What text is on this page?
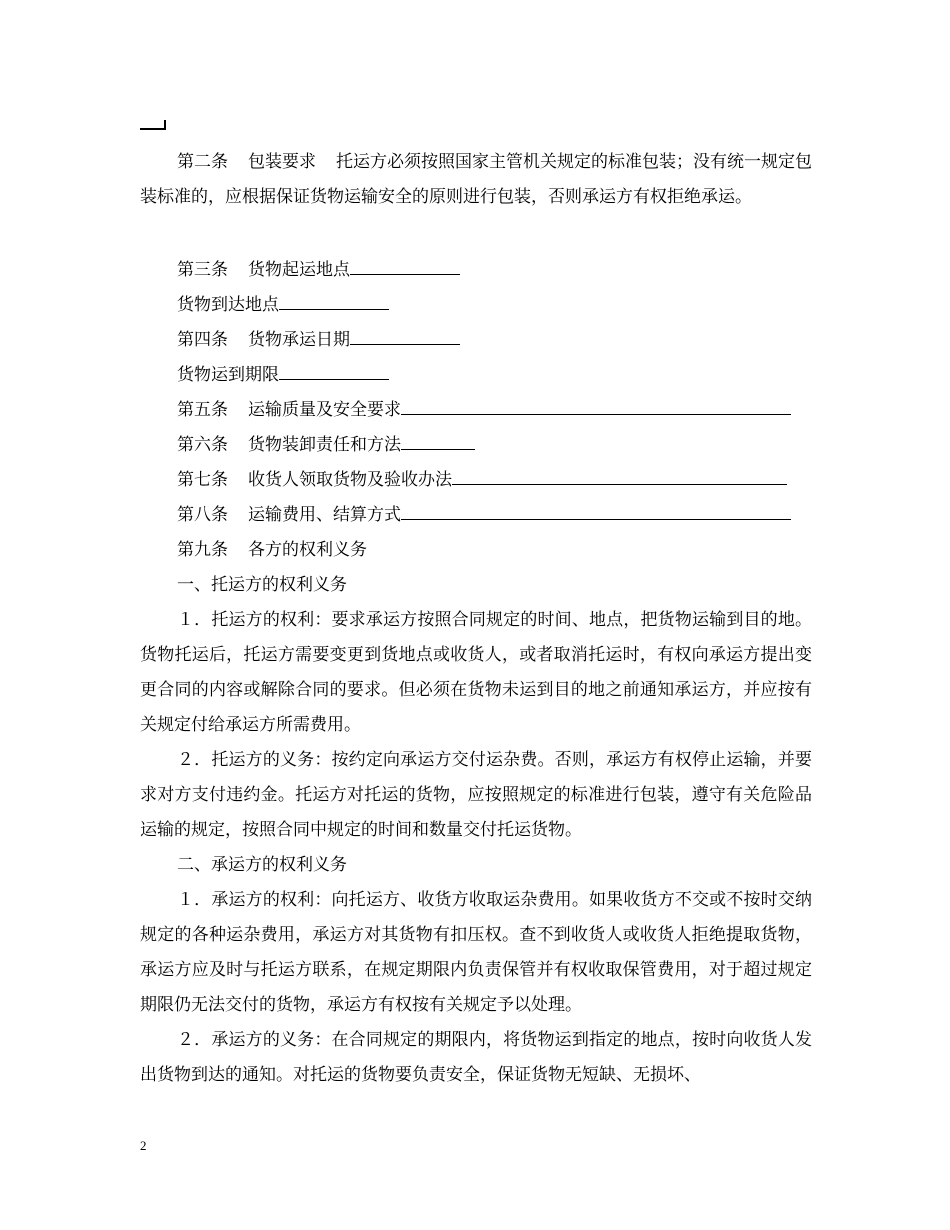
第二条 包装要求 托运方必须按照国家主管机关规定的标准包装；没有统一规定包装标准的，应根据保证货物运输安全的原则进行包装，否则承运方有权拒绝承运。

第三条 货物起运地点

货物到达地点

第四条 货物承运日期

货物运到期限

第五条 运输质量及安全要求

第六条 货物装卸责任和方法

第七条 收货人领取货物及验收办法

第八条 运输费用、结算方式

第九条 各方的权利义务

一、托运方的权利义务

１．托运方的权利：要求承运方按照合同规定的时间、地点，把货物运输到目的地。货物托运后，托运方需要变更到货地点或收货人，或者取消托运时，有权向承运方提出变更合同的内容或解除合同的要求。但必须在货物未运到目的地之前通知承运方，并应按有关规定付给承运方所需费用。

２．托运方的义务：按约定向承运方交付运杂费。否则，承运方有权停止运输，并要求对方支付违约金。托运方对托运的货物，应按照规定的标准进行包装，遵守有关危险品运输的规定，按照合同中规定的时间和数量交付托运货物。

二、承运方的权利义务

１．承运方的权利：向托运方、收货方收取运杂费用。如果收货方不交或不按时交纳规定的各种运杂费用，承运方对其货物有扣压权。查不到收货人或收货人拒绝提取货物，承运方应及时与托运方联系，在规定期限内负责保管并有权收取保管费用，对于超过规定期限仍无法交付的货物，承运方有权按有关规定予以处理。

２．承运方的义务：在合同规定的期限内，将货物运到指定的地点，按时向收货人发出货物到达的通知。对托运的货物要负责安全，保证货物无短缺、无损坏、

2
